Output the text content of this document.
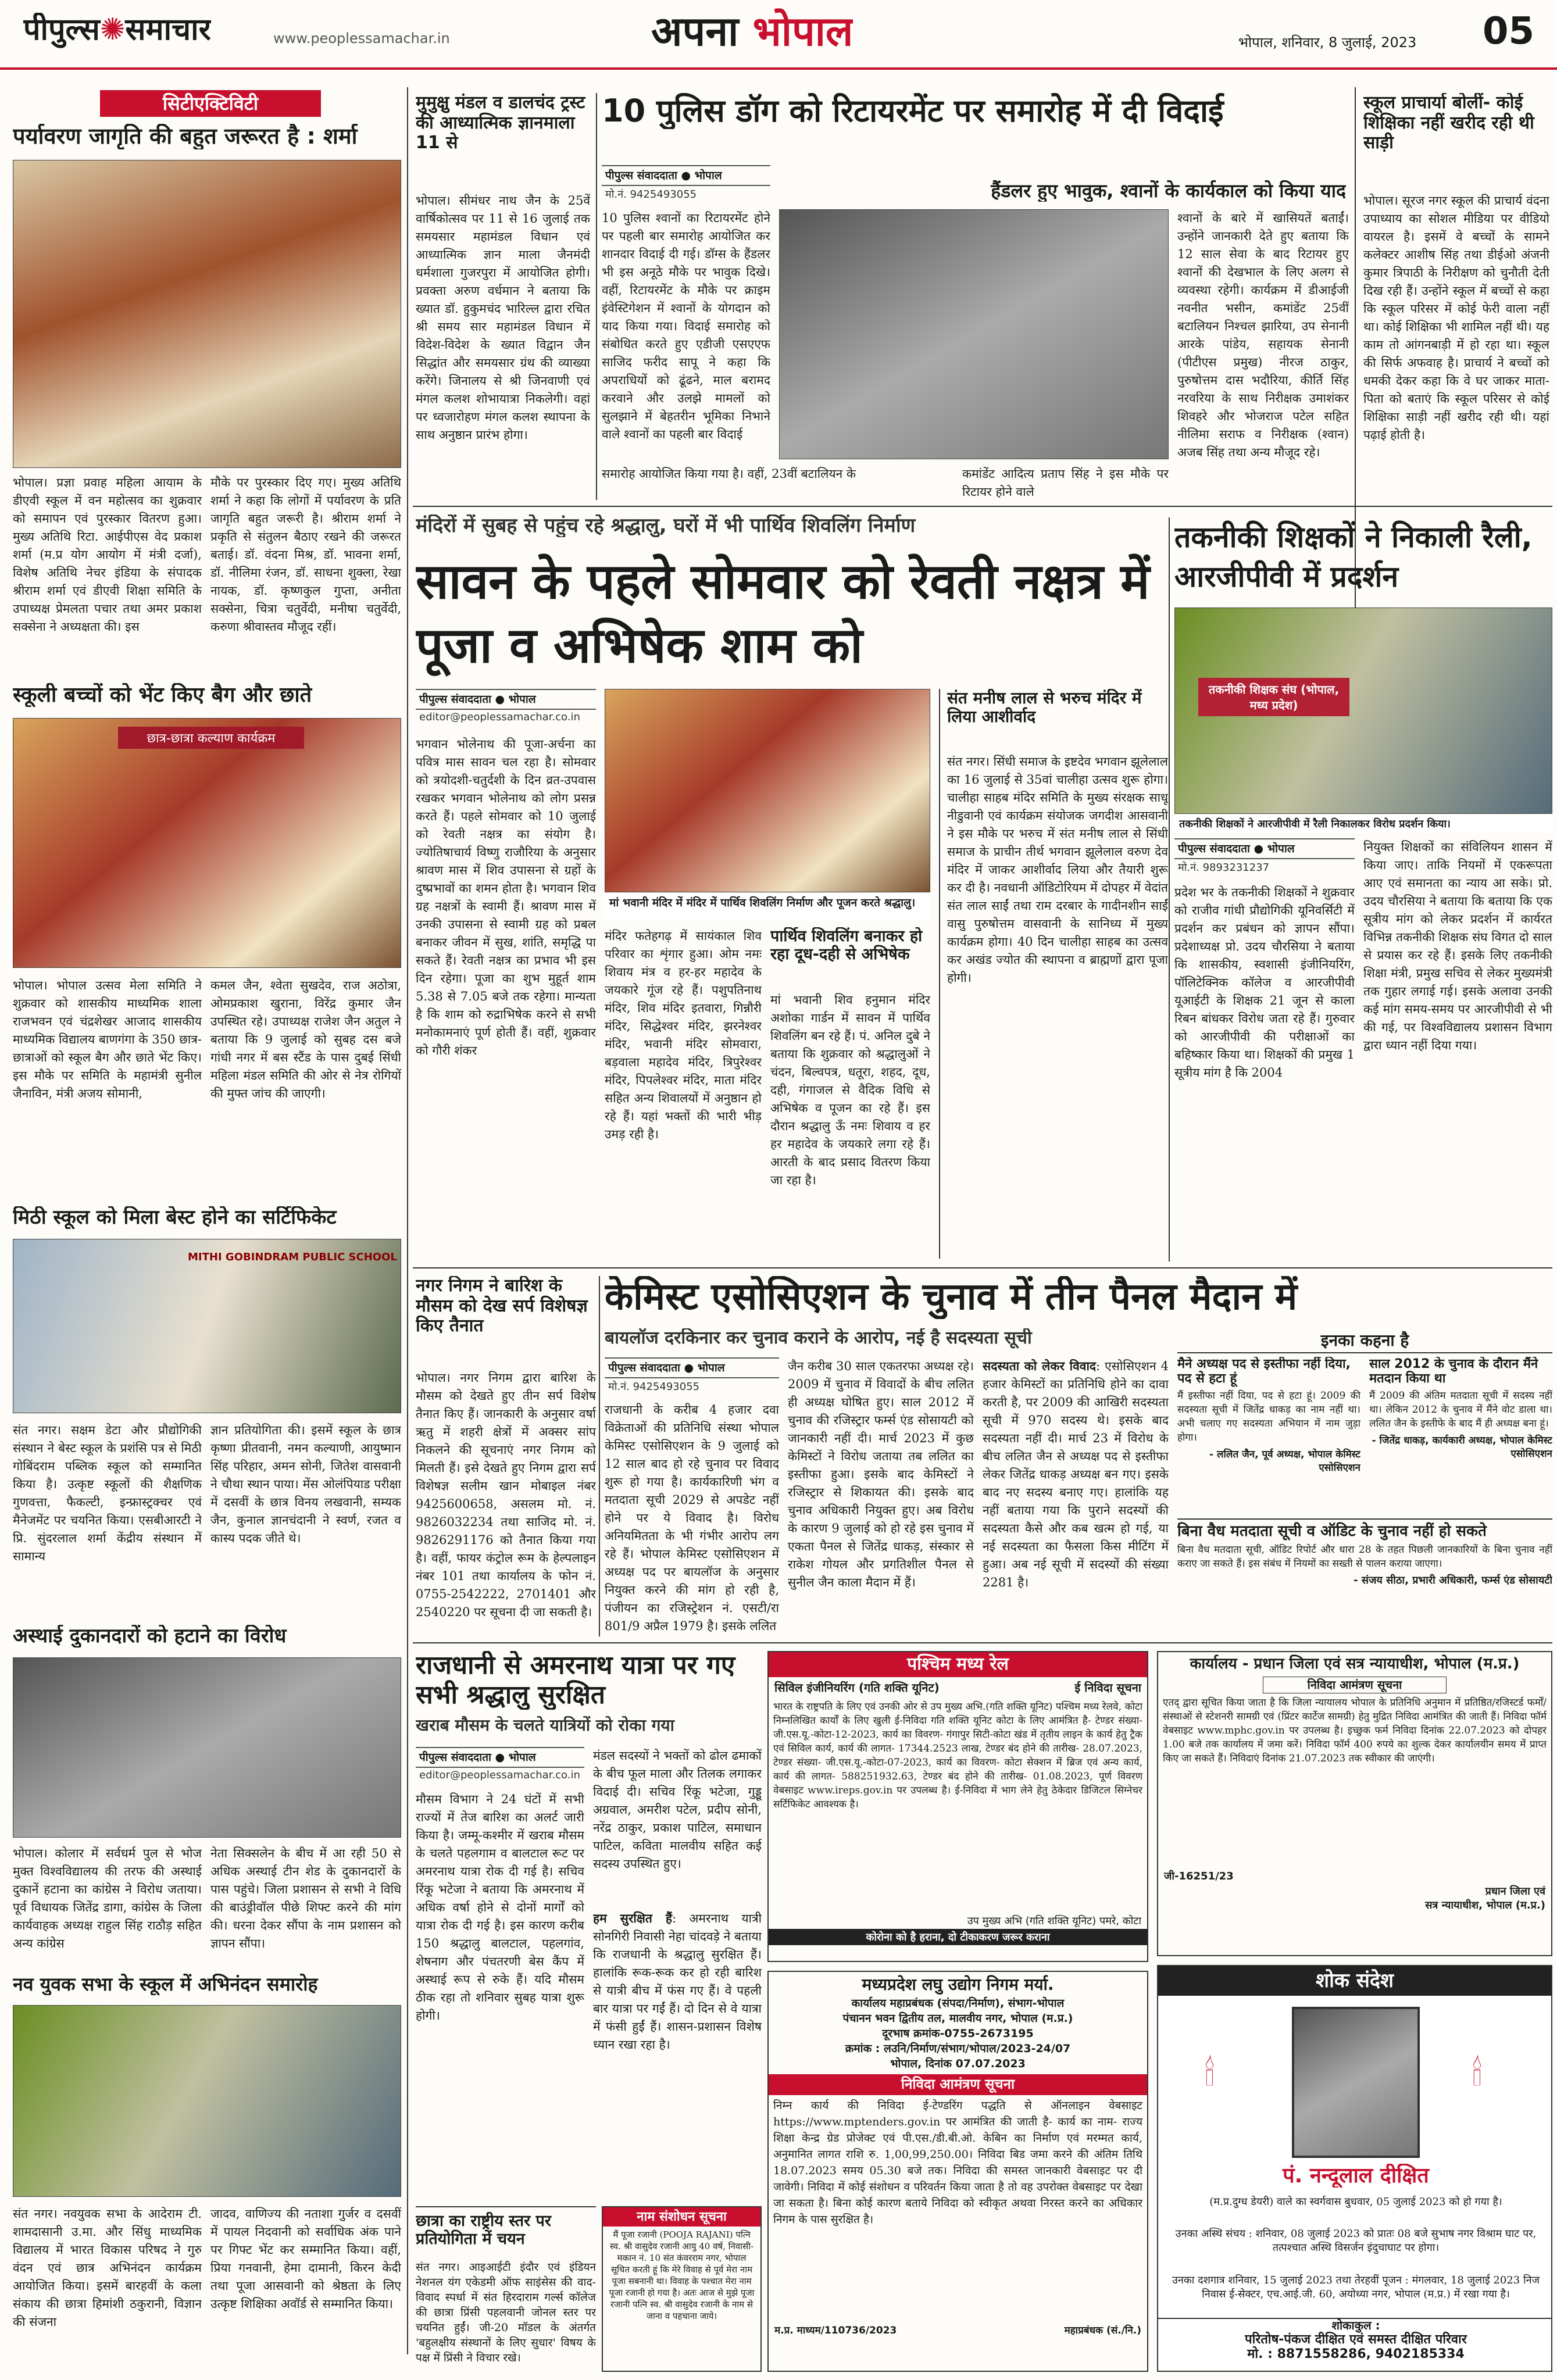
पीपुल्स✺समाचार	www.peoplessamachar.in	अपना भोपाल	भोपाल, शनिवार, 8 जुलाई, 2023 05
सिटीएक्टिविटी
पर्यावरण जागृति की बहुत जरूरत है : शर्मा
भोपाल। प्रज्ञा प्रवाह महिला आयाम के डीएवी स्कूल में वन महोत्सव का शुक्रवार को समापन एवं पुरस्कार वितरण हुआ। मुख्य अतिथि रिटा. आईपीएस वेद प्रकाश शर्मा (म.प्र योग आयोग में मंत्री दर्जा), विशेष अतिथि नेचर इंडिया के संपादक श्रीराम शर्मा एवं डीएवी शिक्षा समिति के उपाध्यक्ष प्रेमलता पचार तथा अमर प्रकाश सक्सेना ने अध्यक्षता की। इस
मौके पर पुरस्कार दिए गए। मुख्य अतिथि शर्मा ने कहा कि लोगों में पर्यावरण के प्रति जागृति बहुत जरूरी है। श्रीराम शर्मा ने प्रकृति से संतुलन बैठाए रखने की जरूरत बताई। डॉ. वंदना मिश्र, डॉ. भावना शर्मा, डॉ. नीलिमा रंजन, डॉ. साधना शुक्ला, रेखा नायक, डॉ. कृष्णकुल गुप्ता, अनीता सक्सेना, चित्रा चतुर्वेदी, मनीषा चतुर्वेदी, करुणा श्रीवास्तव मौजूद रहीं।
स्कूली बच्चों को भेंट किए बैग और छाते
छात्र-छात्रा कल्याण कार्यक्रम
भोपाल। भोपाल उत्सव मेला समिति ने शुक्रवार को शासकीय माध्यमिक शाला राजभवन एवं चंद्रशेखर आजाद शासकीय माध्यमिक विद्यालय बाणगंगा के 350 छात्र-छात्राओं को स्कूल बैग और छाते भेंट किए। इस मौके पर समिति के महामंत्री सुनील जैनाविन, मंत्री अजय सोमानी,
कमल जैन, श्वेता सुखदेव, राज अठोत्रा, ओमप्रकाश खुराना, विरेंद्र कुमार जैन उपस्थित रहे। उपाध्यक्ष राजेश जैन अतुल ने बताया कि 9 जुलाई को सुबह दस बजे गांधी नगर में बस स्टैंड के पास दुबई सिंधी महिला मंडल समिति की ओर से नेत्र रोगियों की मुफ्त जांच की जाएगी।
मिठी स्कूल को मिला बेस्ट होने का सर्टिफिकेट
MITHI GOBINDRAM PUBLIC SCHOOL
संत नगर। सक्षम डेटा और प्रौद्योगिकी संस्थान ने बेस्ट स्कूल के प्रशंसि पत्र से मिठी गोबिंदराम पब्लिक स्कूल को सम्मानित किया है। उत्कृष्ट स्कूलों की शैक्षणिक गुणवत्ता, फैकल्टी, इन्फ्रास्ट्रक्चर एवं मैनेजमेंट पर चयनित किया। एसबीआरटी ने प्रि. सुंदरलाल शर्मा केंद्रीय संस्थान में सामान्य
ज्ञान प्रतियोगिता की। इसमें स्कूल के छात्र कृष्णा प्रीतवानी, नमन कल्याणी, आयुष्मान सिंह परिहार, अमन सोनी, जितेश वासवानी ने चौथा स्थान पाया। मेंस ओलंपियाड परीक्षा में दसवीं के छात्र विनय लखवानी, सम्यक जैन, कुनाल ज्ञानचंदानी ने स्वर्ण, रजत व कास्य पदक जीते थे।
अस्थाई दुकानदारों को हटाने का विरोध
भोपाल। कोलार में सर्वधर्म पुल से भोज मुक्त विश्वविद्यालय की तरफ की अस्थाई दुकानें हटाना का कांग्रेस ने विरोध जताया। पूर्व विधायक जितेंद्र डागा, कांग्रेस के जिला कार्यवाहक अध्यक्ष राहुल सिंह राठौड़ सहित अन्य कांग्रेस
नेता सिक्सलेन के बीच में आ रही 50 से अधिक अस्थाई टीन शेड के दुकानदारों के पास पहुंचे। जिला प्रशासन से सभी ने विधि की बाउंड्रीवॉल पीछे शिफ्ट करने की मांग की। धरना देकर सौंपा के नाम प्रशासन को ज्ञापन सौंपा।
नव युवक सभा के स्कूल में अभिनंदन समारोह
संत नगर। नवयुवक सभा के आदेराम टी. शामदासानी उ.मा. और सिंधु माध्यमिक विद्यालय में भारत विकास परिषद ने गुरु वंदन एवं छात्र अभिनंदन कार्यक्रम आयोजित किया। इसमें बारहवीं के कला संकाय की छात्रा हिमांशी ठकुरानी, विज्ञान की संजना
जादव, वाणिज्य की नताशा गुर्जर व दसवीं में पायल निदवानी को सर्वाधिक अंक पाने पर गिफ्ट भेंट कर सम्मानित किया। वहीं, प्रिया गनवानी, हेमा दामानी, किरन केदी तथा पूजा आसवानी को श्रेष्ठता के लिए उत्कृष्ट शिक्षिका अवॉर्ड से सम्मानित किया।
मुमुक्षु मंडल व डालचंद ट्रस्ट की आध्यात्मिक ज्ञानमाला 11 से
भोपाल। सीमंधर नाथ जैन के 25वें वार्षिकोत्सव पर 11 से 16 जुलाई तक समयसार महामंडल विधान एवं आध्यात्मिक ज्ञान माला जैनमंदी धर्मशाला गुजरपुरा में आयोजित होगी। प्रवक्ता अरुण वर्धमान ने बताया कि ख्यात डॉ. हुकुमचंद भारिल्ल द्वारा रचित श्री समय सार महामंडल विधान में विदेश-विदेश के ख्यात विद्वान जैन सिद्धांत और समयसार ग्रंथ की व्याख्या करेंगे। जिनालय से श्री जिनवाणी एवं मंगल कलश शोभायात्रा निकलेगी। वहां पर ध्वजारोहण मंगल कलश स्थापना के साथ अनुष्ठान प्रारंभ होगा।
10 पुलिस डॉग को रिटायरमेंट पर समारोह में दी विदाई
पीपुल्स संवाददाता ● भोपाल
मो.नं. 9425493055	हैंडलर हुए भावुक, श्वानों के कार्यकाल को किया याद
10 पुलिस श्वानों का रिटायरमेंट होने पर पहली बार समारोह आयोजित कर शानदार विदाई दी गई। डॉग्स के हैंडलर भी इस अनूठे मौके पर भावुक दिखे। वहीं, रिटायरमेंट के मौके पर क्राइम इंवेस्टिगेशन में श्वानों के योगदान को याद किया गया। विदाई समारोह को संबोधित करते हुए एडीजी एसएएफ साजिद फरीद सापू ने कहा कि अपराधियों को ढूंढने, माल बरामद करवाने और उलझे मामलों को सुलझाने में बेहतरीन भूमिका निभाने वाले श्वानों का पहली बार विदाई
समारोह आयोजित किया गया है। वहीं, 23वीं बटालियन के	कमांडेंट आदित्य प्रताप सिंह ने इस मौके पर रिटायर होने वाले
श्वानों के बारे में खासियतें बताईं। उन्होंने जानकारी देते हुए बताया कि 12 साल सेवा के बाद रिटायर हुए श्वानों की देखभाल के लिए अलग से व्यवस्था रहेगी। कार्यक्रम में डीआईजी नवनीत भसीन, कमांडेंट 25वीं बटालियन निश्चल झारिया, उप सेनानी आरके पांडेय, सहायक सेनानी (पीटीएस प्रमुख) नीरज ठाकुर, पुरुषोत्तम दास भदौरिया, कीर्ति सिंह नरवरिया के साथ निरीक्षक उमाशंकर शिवहरे और भोजराज पटेल सहित नीलिमा सराफ व निरीक्षक (श्वान) अजब सिंह तथा अन्य मौजूद रहे।
स्कूल प्राचार्या बोलीं- कोई शिक्षिका नहीं खरीद रही थी साड़ी
भोपाल। सूरज नगर स्कूल की प्राचार्य वंदना उपाध्याय का सोशल मीडिया पर वीडियो वायरल है। इसमें वे बच्चों के सामने कलेक्टर आशीष सिंह तथा डीईओ अंजनी कुमार त्रिपाठी के निरीक्षण को चुनौती देती दिख रही हैं। उन्होंने स्कूल में बच्चों से कहा कि स्कूल परिसर में कोई फेरी वाला नहीं था। कोई शिक्षिका भी शामिल नहीं थी। यह काम तो आंगनबाड़ी में हो रहा था। स्कूल की सिर्फ अफवाह है। प्राचार्य ने बच्चों को धमकी देकर कहा कि वे घर जाकर माता-पिता को बताएं कि स्कूल परिसर से कोई शिक्षिका साड़ी नहीं खरीद रही थी। यहां पढ़ाई होती है।
मंदिरों में सुबह से पहुंच रहे श्रद्धालु, घरों में भी पार्थिव शिवलिंग निर्माण
सावन के पहले सोमवार को रेवती नक्षत्र में पूजा व अभिषेक शाम को
पीपुल्स संवाददाता ● भोपाल
editor@peoplessamachar.co.in
भगवान भोलेनाथ की पूजा-अर्चना का पवित्र मास सावन चल रहा है। सोमवार को त्रयोदशी-चतुर्दशी के दिन व्रत-उपवास रखकर भगवान भोलेनाथ को लोग प्रसन्न करते हैं। पहले सोमवार को 10 जुलाई को रेवती नक्षत्र का संयोग है। ज्योतिषाचार्य विष्णु राजौरिया के अनुसार श्रावण मास में शिव उपासना से ग्रहों के दुष्प्रभावों का शमन होता है। भगवान शिव ग्रह नक्षत्रों के स्वामी हैं। श्रावण मास में उनकी उपासना से स्वामी ग्रह को प्रबल बनाकर जीवन में सुख, शांति, समृद्धि पा सकते हैं। रेवती नक्षत्र का प्रभाव भी इस दिन रहेगा। पूजा का शुभ मुहूर्त शाम 5.38 से 7.05 बजे तक रहेगा। मान्यता है कि शाम को रुद्राभिषेक करने से सभी मनोकामनाएं पूर्ण होती हैं। वहीं, शुक्रवार को गौरी शंकर
मां भवानी मंदिर में मंदिर में पार्थिव शिवलिंग निर्माण और पूजन करते श्रद्धालु।
मंदिर फतेहगढ़ में सायंकाल शिव परिवार का शृंगार हुआ। ओम नमः शिवाय मंत्र व हर-हर महादेव के जयकारे गूंज रहे हैं। पशुपतिनाथ मंदिर, शिव मंदिर इतवारा, गिन्नौरी मंदिर, सिद्धेश्वर मंदिर, झरनेश्वर मंदिर, भवानी मंदिर सोमवारा, बड़वाला महादेव मंदिर, त्रिपुरेश्वर मंदिर, पिपलेश्वर मंदिर, माता मंदिर सहित अन्य शिवालयों में अनुष्ठान हो रहे हैं। यहां भक्तों की भारी भीड़ उमड़ रही है।
पार्थिव शिवलिंग बनाकर हो रहा दूध-दही से अभिषेक
मां भवानी शिव हनुमान मंदिर अशोका गार्डन में सावन में पार्थिव शिवलिंग बन रहे हैं। पं. अनिल दुबे ने बताया कि शुक्रवार को श्रद्धालुओं ने चंदन, बिल्वपत्र, धतूरा, शहद, दूध, दही, गंगाजल से वैदिक विधि से अभिषेक व पूजन का रहे हैं। इस दौरान श्रद्धालु ऊँ नमः शिवाय व हर हर महादेव के जयकारे लगा रहे हैं। आरती के बाद प्रसाद वितरण किया जा रहा है।
संत मनीष लाल से भरुच मंदिर में लिया आशीर्वाद
संत नगर। सिंधी समाज के इष्टदेव भगवान झूलेलाल का 16 जुलाई से 35वां चालीहा उत्सव शुरू होगा। चालीहा साहब मंदिर समिति के मुख्य संरक्षक साधू नीडुवानी एवं कार्यक्रम संयोजक जगदीश आसवानी ने इस मौके पर भरुच में संत मनीष लाल से सिंधी समाज के प्राचीन तीर्थ भगवान झूलेलाल वरुण देव मंदिर में जाकर आशीर्वाद लिया और तैयारी शुरू कर दी है। नवधानी ऑडिटोरियम में दोपहर में वेदांत संत लाल साईं तथा राम दरबार के गादीनशीन साईं वासु पुरुषोत्तम वासवानी के सानिध्य में मुख्य कार्यक्रम होगा। 40 दिन चालीहा साहब का उत्सव कर अखंड ज्योत की स्थापना व ब्राह्मणों द्वारा पूजा होगी।
तकनीकी शिक्षकों ने निकाली रैली, आरजीपीवी में प्रदर्शन
तकनीकी शिक्षक संघ (भोपाल, मध्य प्रदेश)
तकनीकी शिक्षकों ने आरजीपीवी में रैली निकालकर विरोध प्रदर्शन किया।
पीपुल्स संवाददाता ● भोपाल
मो.नं. 9893231237
प्रदेश भर के तकनीकी शिक्षकों ने शुक्रवार को राजीव गांधी प्रौद्योगिकी यूनिवर्सिटी में प्रदर्शन कर प्रबंधन को ज्ञापन सौंपा। प्रदेशाध्यक्ष प्रो. उदय चौरसिया ने बताया कि शासकीय, स्वशासी इंजीनियरिंग, पॉलिटेक्निक कॉलेज व आरजीपीवी यूआईटी के शिक्षक 21 जून से काला रिबन बांधकर विरोध जता रहे हैं। गुरुवार को आरजीपीवी की परीक्षाओं का बहिष्कार किया था। शिक्षकों की प्रमुख 1 सूत्रीय मांग है कि 2004
नियुक्त शिक्षकों का संविलियन शासन में किया जाए। ताकि नियमों में एकरूपता आए एवं समानता का न्याय आ सके। प्रो. उदय चौरसिया ने बताया कि बताया कि एक सूत्रीय मांग को लेकर प्रदर्शन में कार्यरत विभिन्न तकनीकी शिक्षक संघ विगत दो साल से प्रयास कर रहे हैं। इसके लिए तकनीकी शिक्षा मंत्री, प्रमुख सचिव से लेकर मुख्यमंत्री तक गुहार लगाई गई। इसके अलावा उनकी कई मांग समय-समय पर आरजीपीवी से भी की गई, पर विश्वविद्यालय प्रशासन विभाग द्वारा ध्यान नहीं दिया गया।
नगर निगम ने बारिश के मौसम को देख सर्प विशेषज्ञ किए तैनात
भोपाल। नगर निगम द्वारा बारिश के मौसम को देखते हुए तीन सर्प विशेष तैनात किए हैं। जानकारी के अनुसार वर्षा ऋतु में शहरी क्षेत्रों में अक्सर सांप निकलने की सूचनाएं नगर निगम को मिलती हैं। इसे देखते हुए निगम द्वारा सर्प विशेषज्ञ सलीम खान मोबाइल नंबर 9425600658, असलम मो. नं. 9826032234 तथा साजिद मो. नं. 9826291176 को तैनात किया गया है। वहीं, फायर कंट्रोल रूम के हेल्पलाइन नंबर 101 तथा कार्यालय के फोन नं. 0755-2542222, 2701401 और 2540220 पर सूचना दी जा सकती है।
केमिस्ट एसोसिएशन के चुनाव में तीन पैनल मैदान में
बायलॉज दरकिनार कर चुनाव कराने के आरोप, नई है सदस्यता सूची
पीपुल्स संवाददाता ● भोपाल
मो.नं. 9425493055
राजधानी के करीब 4 हजार दवा विक्रेताओं की प्रतिनिधि संस्था भोपाल केमिस्ट एसोसिएशन के 9 जुलाई को 12 साल बाद हो रहे चुनाव पर विवाद शुरू हो गया है। कार्यकारिणी भंग व मतदाता सूची 2029 से अपडेट नहीं होने पर ये विवाद है। विरोध अनियमितता के भी गंभीर आरोप लग रहे हैं। भोपाल केमिस्ट एसोसिएशन में अध्यक्ष पद पर बायलॉज के अनुसार नियुक्त करने की मांग हो रही है, पंजीयन का रजिस्ट्रेशन नं. एसटी/रा 801/9 अप्रैल 1979 है। इसके ललित
जैन करीब 30 साल एकतरफा अध्यक्ष रहे। 2009 में चुनाव में विवादों के बीच ललित ही अध्यक्ष घोषित हुए। साल 2012 में चुनाव की रजिस्ट्रार फर्म्स एंड सोसायटी को जानकारी नहीं दी। मार्च 2023 में कुछ केमिस्टों ने विरोध जताया तब ललित का इस्तीफा हुआ। इसके बाद केमिस्टों ने रजिस्ट्रार से शिकायत की। इसके बाद चुनाव अधिकारी नियुक्त हुए। अब विरोध के कारण 9 जुलाई को हो रहे इस चुनाव में एकता पैनल से जितेंद्र धाकड़, संस्कार से राकेश गोयल और प्रगतिशील पैनल से सुनील जैन काला मैदान में हैं।
सदस्यता को लेकर विवाद: एसोसिएशन 4 हजार केमिस्टों का प्रतिनिधि होने का दावा करती है, पर 2009 की आखिरी सदस्यता सूची में 970 सदस्य थे। इसके बाद सदस्यता नहीं दी। मार्च 23 में विरोध के बीच ललित जैन से अध्यक्ष पद से इस्तीफा लेकर जितेंद्र धाकड़ अध्यक्ष बन गए। इसके बाद नए सदस्य बनाए गए। हालांकि यह नहीं बताया गया कि पुराने सदस्यों की सदस्यता कैसे और कब खत्म हो गई, या नई सदस्यता का फैसला किस मीटिंग में हुआ। अब नई सूची में सदस्यों की संख्या 2281 है।
इनका कहना है
मैने अध्यक्ष पद से इस्तीफा नहीं दिया, पद से हटा हूं
मैं इस्तीफा नहीं दिया, पद से हटा हूं। 2009 की सदस्यता सूची में जितेंद्र धाकड़ का नाम नहीं था। अभी चलाए गए सदस्यता अभियान में नाम जुड़ा होगा।
- ललित जैन, पूर्व अध्यक्ष, भोपाल केमिस्ट एसोसिएशन
साल 2012 के चुनाव के दौरान मैंने मतदान किया था
मैं 2009 की अंतिम मतदाता सूची में सदस्य नहीं था। लेकिन 2012 के चुनाव में मैंने वोट डाला था। ललित जैन के इस्तीफे के बाद मैं ही अध्यक्ष बना हूं।
- जितेंद्र धाकड़, कार्यकारी अध्यक्ष, भोपाल केमिस्ट एसोसिएशन
बिना वैध मतदाता सूची व ऑडिट के चुनाव नहीं हो सकते
बिना वैध मतदाता सूची, ऑडिट रिपोर्ट और धारा 28 के तहत पिछली जानकारियों के बिना चुनाव नहीं कराए जा सकते हैं। इस संबंध में नियमों का सख्ती से पालन कराया जाएगा।
- संजय सीठा, प्रभारी अधिकारी, फर्म्स एंड सोसायटी
राजधानी से अमरनाथ यात्रा पर गए सभी श्रद्धालु सुरक्षित
खराब मौसम के चलते यात्रियों को रोका गया
पीपुल्स संवाददाता ● भोपाल
editor@peoplessamachar.co.in
मौसम विभाग ने 24 घंटों में सभी राज्यों में तेज बारिश का अलर्ट जारी किया है। जम्मू-कश्मीर में खराब मौसम के चलते पहलगाम व बालटाल रूट पर अमरनाथ यात्रा रोक दी गई है। सचिव रिंकू भटेजा ने बताया कि अमरनाथ में अधिक वर्षा होने से दोनों मार्गों को यात्रा रोक दी गई है। इस कारण करीब 150 श्रद्धालु बालटाल, पहलगांव, शेषनाग और पंचतरणी बेस कैंप में अस्थाई रूप से रुके हैं। यदि मौसम ठीक रहा तो शनिवार सुबह यात्रा शुरू होगी।
मंडल सदस्यों ने भक्तों को ढोल ढमाकों के बीच फूल माला और तिलक लगाकर विदाई दी। सचिव रिंकू भटेजा, गुड्डू अग्रवाल, अमरीश पटेल, प्रदीप सोनी, नरेंद्र ठाकुर, प्रकाश पाटिल, समाधान पाटिल, कविता मालवीय सहित कई सदस्य उपस्थित हुए।
हम सुरक्षित हैं: अमरनाथ यात्री सोनगिरी निवासी नेहा चांदवड़े ने बताया कि राजधानी के श्रद्धालु सुरक्षित हैं। हालांकि रूक-रूक कर हो रही बारिश से यात्री बीच में फंस गए हैं। वे पहली बार यात्रा पर गईं हैं। दो दिन से वे यात्रा में फंसी हुईं हैं। शासन-प्रशासन विशेष ध्यान रखा रहा है।
छात्रा का राष्ट्रीय स्तर पर प्रतियोगिता में चयन
संत नगर। आइआईटी इंदौर एवं इंडियन नेशनल यंग एकेडमी ऑफ साइंसेस की वाद-विवाद स्पर्धा में संत हिरदाराम गर्ल्स कॉलेज की छात्रा प्रिंसी पहलवानी जोनल स्तर पर चयनित हुईं। जी-20 मॉडल के अंतर्गत 'बहुलक्षीय संस्थानों के लिए सुधार' विषय के पक्ष में प्रिंसी ने विचार रखे।
नाम संशोधन सूचना
मैं पूजा रजानी (POOJA RAJANI) पत्नि स्व. श्री वासुदेव रजानी आयु 40 वर्ष, निवासी-मकान नं. 10 संत कंवरराम नगर, भोपाल सूचित करती हूं कि मेरे विवाह से पूर्व मेरा नाम पूजा सबनानी था। विवाह के पश्चात मेरा नाम पूजा रजानी हो गया है। अतः आज से मुझे पूजा रजानी पत्नि स्व. श्री वासुदेव रजानी के नाम से जाना व पहचाना जाये।
पश्चिम मध्य रेल
सिविल इंजीनियरिंग (गति शक्ति यूनिट)	ई निविदा सूचना
भारत के राष्ट्रपति के लिए एवं उनकी ओर से उप मुख्य अभि.(गति शक्ति यूनिट) पश्चिम मध्य रेलवे, कोटा निम्नलिखित कार्यों के लिए खुली ई-निविदा गति शक्ति यूनिट कोटा के लिए आमंत्रित है- टेण्डर संख्या- जी.एस.यू.-कोटा-12-2023, कार्य का विवरण- गंगापुर सिटी-कोटा खंड में तृतीय लाइन के कार्य हेतु ट्रैक एवं सिविल कार्य, कार्य की लागत- 17344.2523 लाख, टेण्डर बंद होने की तारीख- 28.07.2023, टेण्डर संख्या- जी.एस.यू.-कोटा-07-2023, कार्य का विवरण- कोटा सेक्शन में ब्रिज एवं अन्य कार्य, कार्य की लागत- 588251932.63, टेण्डर बंद होने की तारीख- 01.08.2023, पूर्ण विवरण वेबसाइट www.ireps.gov.in पर उपलब्ध है। ई-निविदा में भाग लेने हेतु ठेकेदार डिजिटल सिग्नेचर सर्टिफिकेट आवश्यक है।
उप मुख्य अभि (गति शक्ति यूनिट) पमरे, कोटा
कोरोना को है हराना, दो टीकाकरण जरूर कराना
मध्यप्रदेश लघु उद्योग निगम मर्या.
कार्यालय महाप्रबंधक (संपदा/निर्माण), संभाग-भोपाल
पंचानन भवन द्वितीय तल, मालवीय नगर, भोपाल (म.प्र.)
दूरभाष क्रमांक-0755-2673195
क्रमांक : लउनि/निर्माण/संभाग/भोपाल/2023-24/07
भोपाल, दिनांक 07.07.2023
निविदा आमंत्रण सूचना
निम्न कार्य की निविदा ई-टेण्डरिंग पद्धति से ऑनलाइन वेबसाइट https://www.mptenders.gov.in पर आमंत्रित की जाती है- कार्य का नाम- राज्य शिक्षा केन्द्र ग्रेड प्रोजेक्ट एवं पी.एस./डी.बी.ओ. केबिन का निर्माण एवं मरम्मत कार्य, अनुमानित लागत राशि रु. 1,00,99,250.00। निविदा बिड जमा करने की अंतिम तिथि 18.07.2023 समय 05.30 बजे तक। निविदा की समस्त जानकारी वेबसाइट पर दी जावेगी। निविदा में कोई संशोधन व परिवर्तन किया जाता है तो वह उपरोक्त वेबसाइट पर देखा जा सकता है। बिना कोई कारण बताये निविदा को स्वीकृत अथवा निरस्त करने का अधिकार निगम के पास सुरक्षित है।
म.प्र. माध्यम/110736/2023	महाप्रबंधक (सं./नि.)
कार्यालय - प्रधान जिला एवं सत्र न्यायाधीश, भोपाल (म.प्र.)
निविदा आमंत्रण सूचना
एतद् द्वारा सूचित किया जाता है कि जिला न्यायालय भोपाल के प्रतिनिधि अनुमान में प्रतिष्ठित/रजिस्टर्ड फर्मों/संस्थाओं से स्टेशनरी सामग्री एवं (प्रिंटर कार्टेज सामग्री) हेतु मुद्रित निविदा आमंत्रित की जाती हैं। निविदा फॉर्म वेबसाइट www.mphc.gov.in पर उपलब्ध है। इच्छुक फर्म निविदा दिनांक 22.07.2023 को दोपहर 1.00 बजे तक कार्यालय में जमा करें। निविदा फॉर्म 400 रुपये का शुल्क देकर कार्यालयीन समय में प्राप्त किए जा सकते हैं। निविदाएं दिनांक 21.07.2023 तक स्वीकार की जाएंगी।
जी-16251/23
प्रधान जिला एवं
सत्र न्यायाधीश, भोपाल (म.प्र.)
शोक संदेश
🕯	🕯
पं. नन्दूलाल दीक्षित
(म.प्र.दुग्ध डेयरी) वाले का स्वर्गवास बुधवार, 05 जुलाई 2023 को हो गया है।
उनका अस्थि संचय : शनिवार, 08 जुलाई 2023 को प्रातः 08 बजे सुभाष नगर विश्राम घाट पर, तत्पश्चात अस्थि विसर्जन इंदुचाघाट पर होगा।
उनका दशगात्र शनिवार, 15 जुलाई 2023 तथा तेरहवीं पूजन : मंगलवार, 18 जुलाई 2023 निज निवास ई-सेक्टर, एच.आई.जी. 60, अयोध्या नगर, भोपाल (म.प्र.) में रखा गया है।
शोकाकुल :
परितोष-पंकज दीक्षित एवं समस्त दीक्षित परिवार
मो. : 8871558286, 9402185334
